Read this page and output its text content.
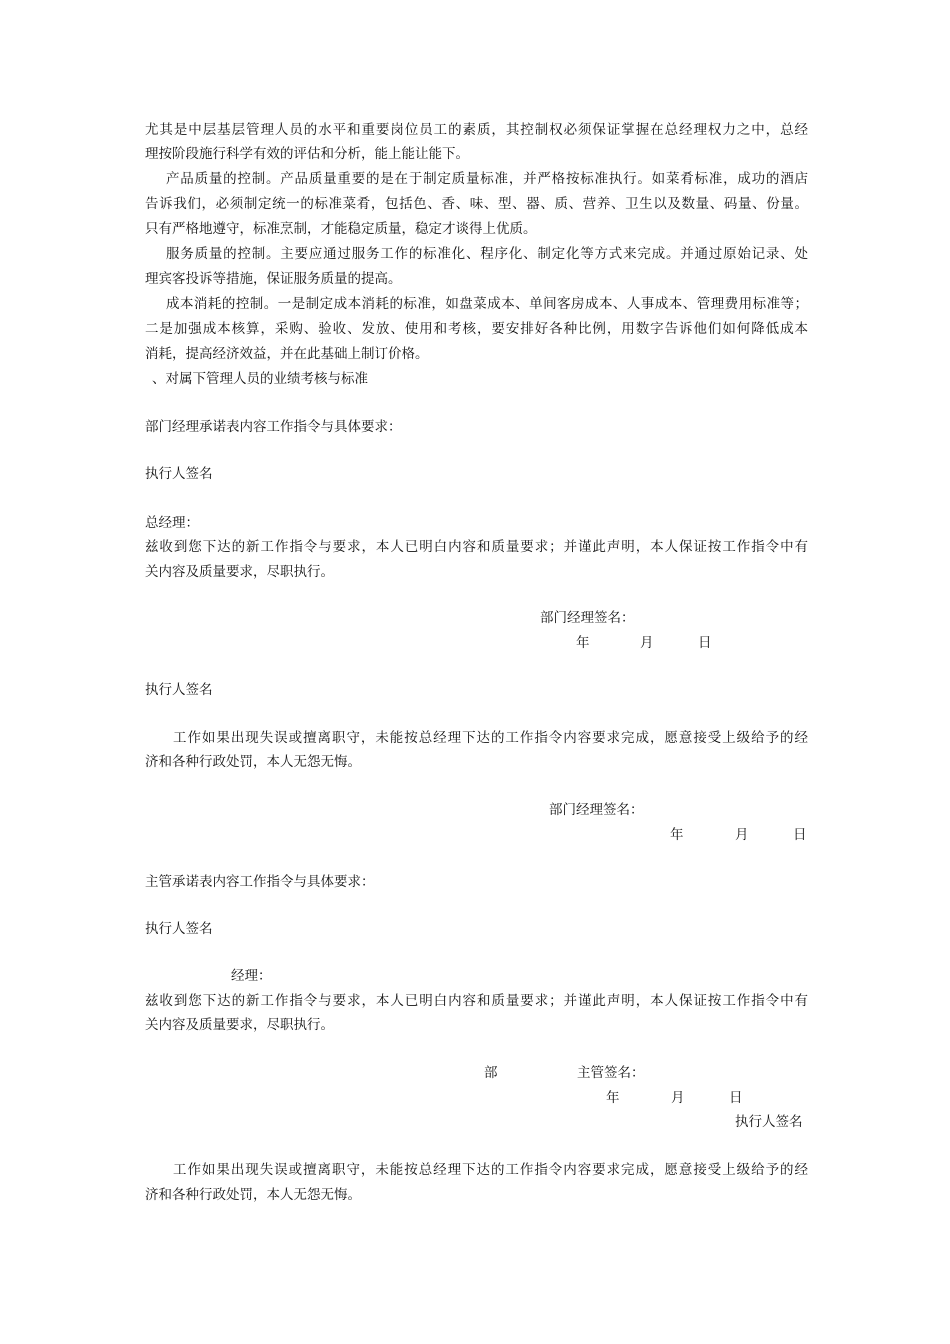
尤其是中层基层管理人员的水平和重要岗位员工的素质，其控制权必须保证掌握在总经理权力之中，总经
理按阶段施行科学有效的评估和分析，能上能让能下。
产品质量的控制。产品质量重要的是在于制定质量标准，并严格按标准执行。如菜肴标准，成功的酒店
告诉我们，必须制定统一的标准菜肴，包括色、香、味、型、器、质、营养、卫生以及数量、码量、份量。
只有严格地遵守，标准烹制，才能稳定质量，稳定才谈得上优质。
服务质量的控制。主要应通过服务工作的标准化、程序化、制定化等方式来完成。并通过原始记录、处
理宾客投诉等措施，保证服务质量的提高。
成本消耗的控制。一是制定成本消耗的标准，如盘菜成本、单间客房成本、人事成本、管理费用标准等；
二是加强成本核算，采购、验收、发放、使用和考核，要安排好各种比例，用数字告诉他们如何降低成本
消耗，提高经济效益，并在此基础上制订价格。
、对属下管理人员的业绩考核与标准
部门经理承诺表内容工作指令与具体要求：
执行人签名
总经理：
兹收到您下达的新工作指令与要求，本人已明白内容和质量要求；并谨此声明，本人保证按工作指令中有
关内容及质量要求，尽职执行。
部门经理签名：
年	月	日
执行人签名
工作如果出现失误或擅离职守，未能按总经理下达的工作指令内容要求完成，愿意接受上级给予的经
济和各种行政处罚，本人无怨无悔。
部门经理签名：
年	月	日
主管承诺表内容工作指令与具体要求：
执行人签名
经理：
兹收到您下达的新工作指令与要求，本人已明白内容和质量要求；并谨此声明，本人保证按工作指令中有
关内容及质量要求，尽职执行。
部	主管签名：
年	月	日
执行人签名
工作如果出现失误或擅离职守，未能按总经理下达的工作指令内容要求完成，愿意接受上级给予的经
济和各种行政处罚，本人无怨无悔。
